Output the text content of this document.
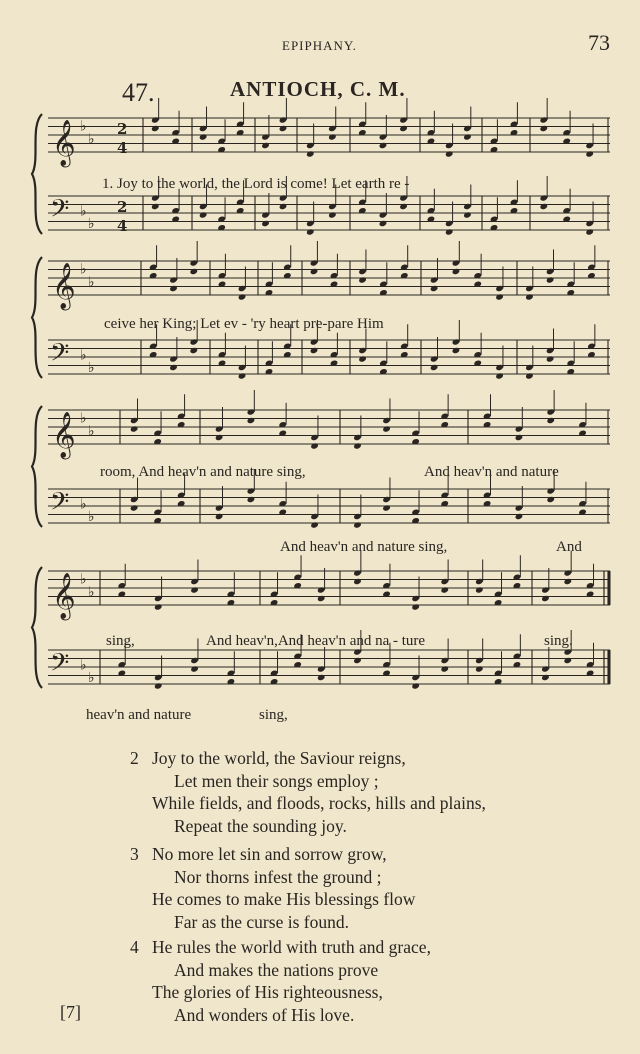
EPIPHANY.	73
47.	ANTIOCH, C. M.
𝄞 ♭
♭
𝄢 ♭
♭
𝄞 ♭
♭
𝄢 ♭
♭
𝄞 ♭
♭
𝄢 ♭
♭
𝄞 ♭
♭
𝄢 ♭
♭
2
4
2
4
1. Joy to the world, the Lord is come! Let earth re -
ceive her King; Let ev - 'ry heart pre-pare Him
room, And heav'n and nature sing,	And heav'n and nature
And heav'n and nature sing,	And
sing,	And heav'n,And heav'n and na - ture	sing.
heav'n and nature	sing,
2 Joy to the world, the Saviour reigns,
Let men their songs employ ;
While fields, and floods, rocks, hills and plains,
Repeat the sounding joy.
3 No more let sin and sorrow grow,
Nor thorns infest the ground ;
He comes to make His blessings flow
Far as the curse is found.
4 He rules the world with truth and grace,
And makes the nations prove
The glories of His righteousness,
And wonders of His love.
[7]
